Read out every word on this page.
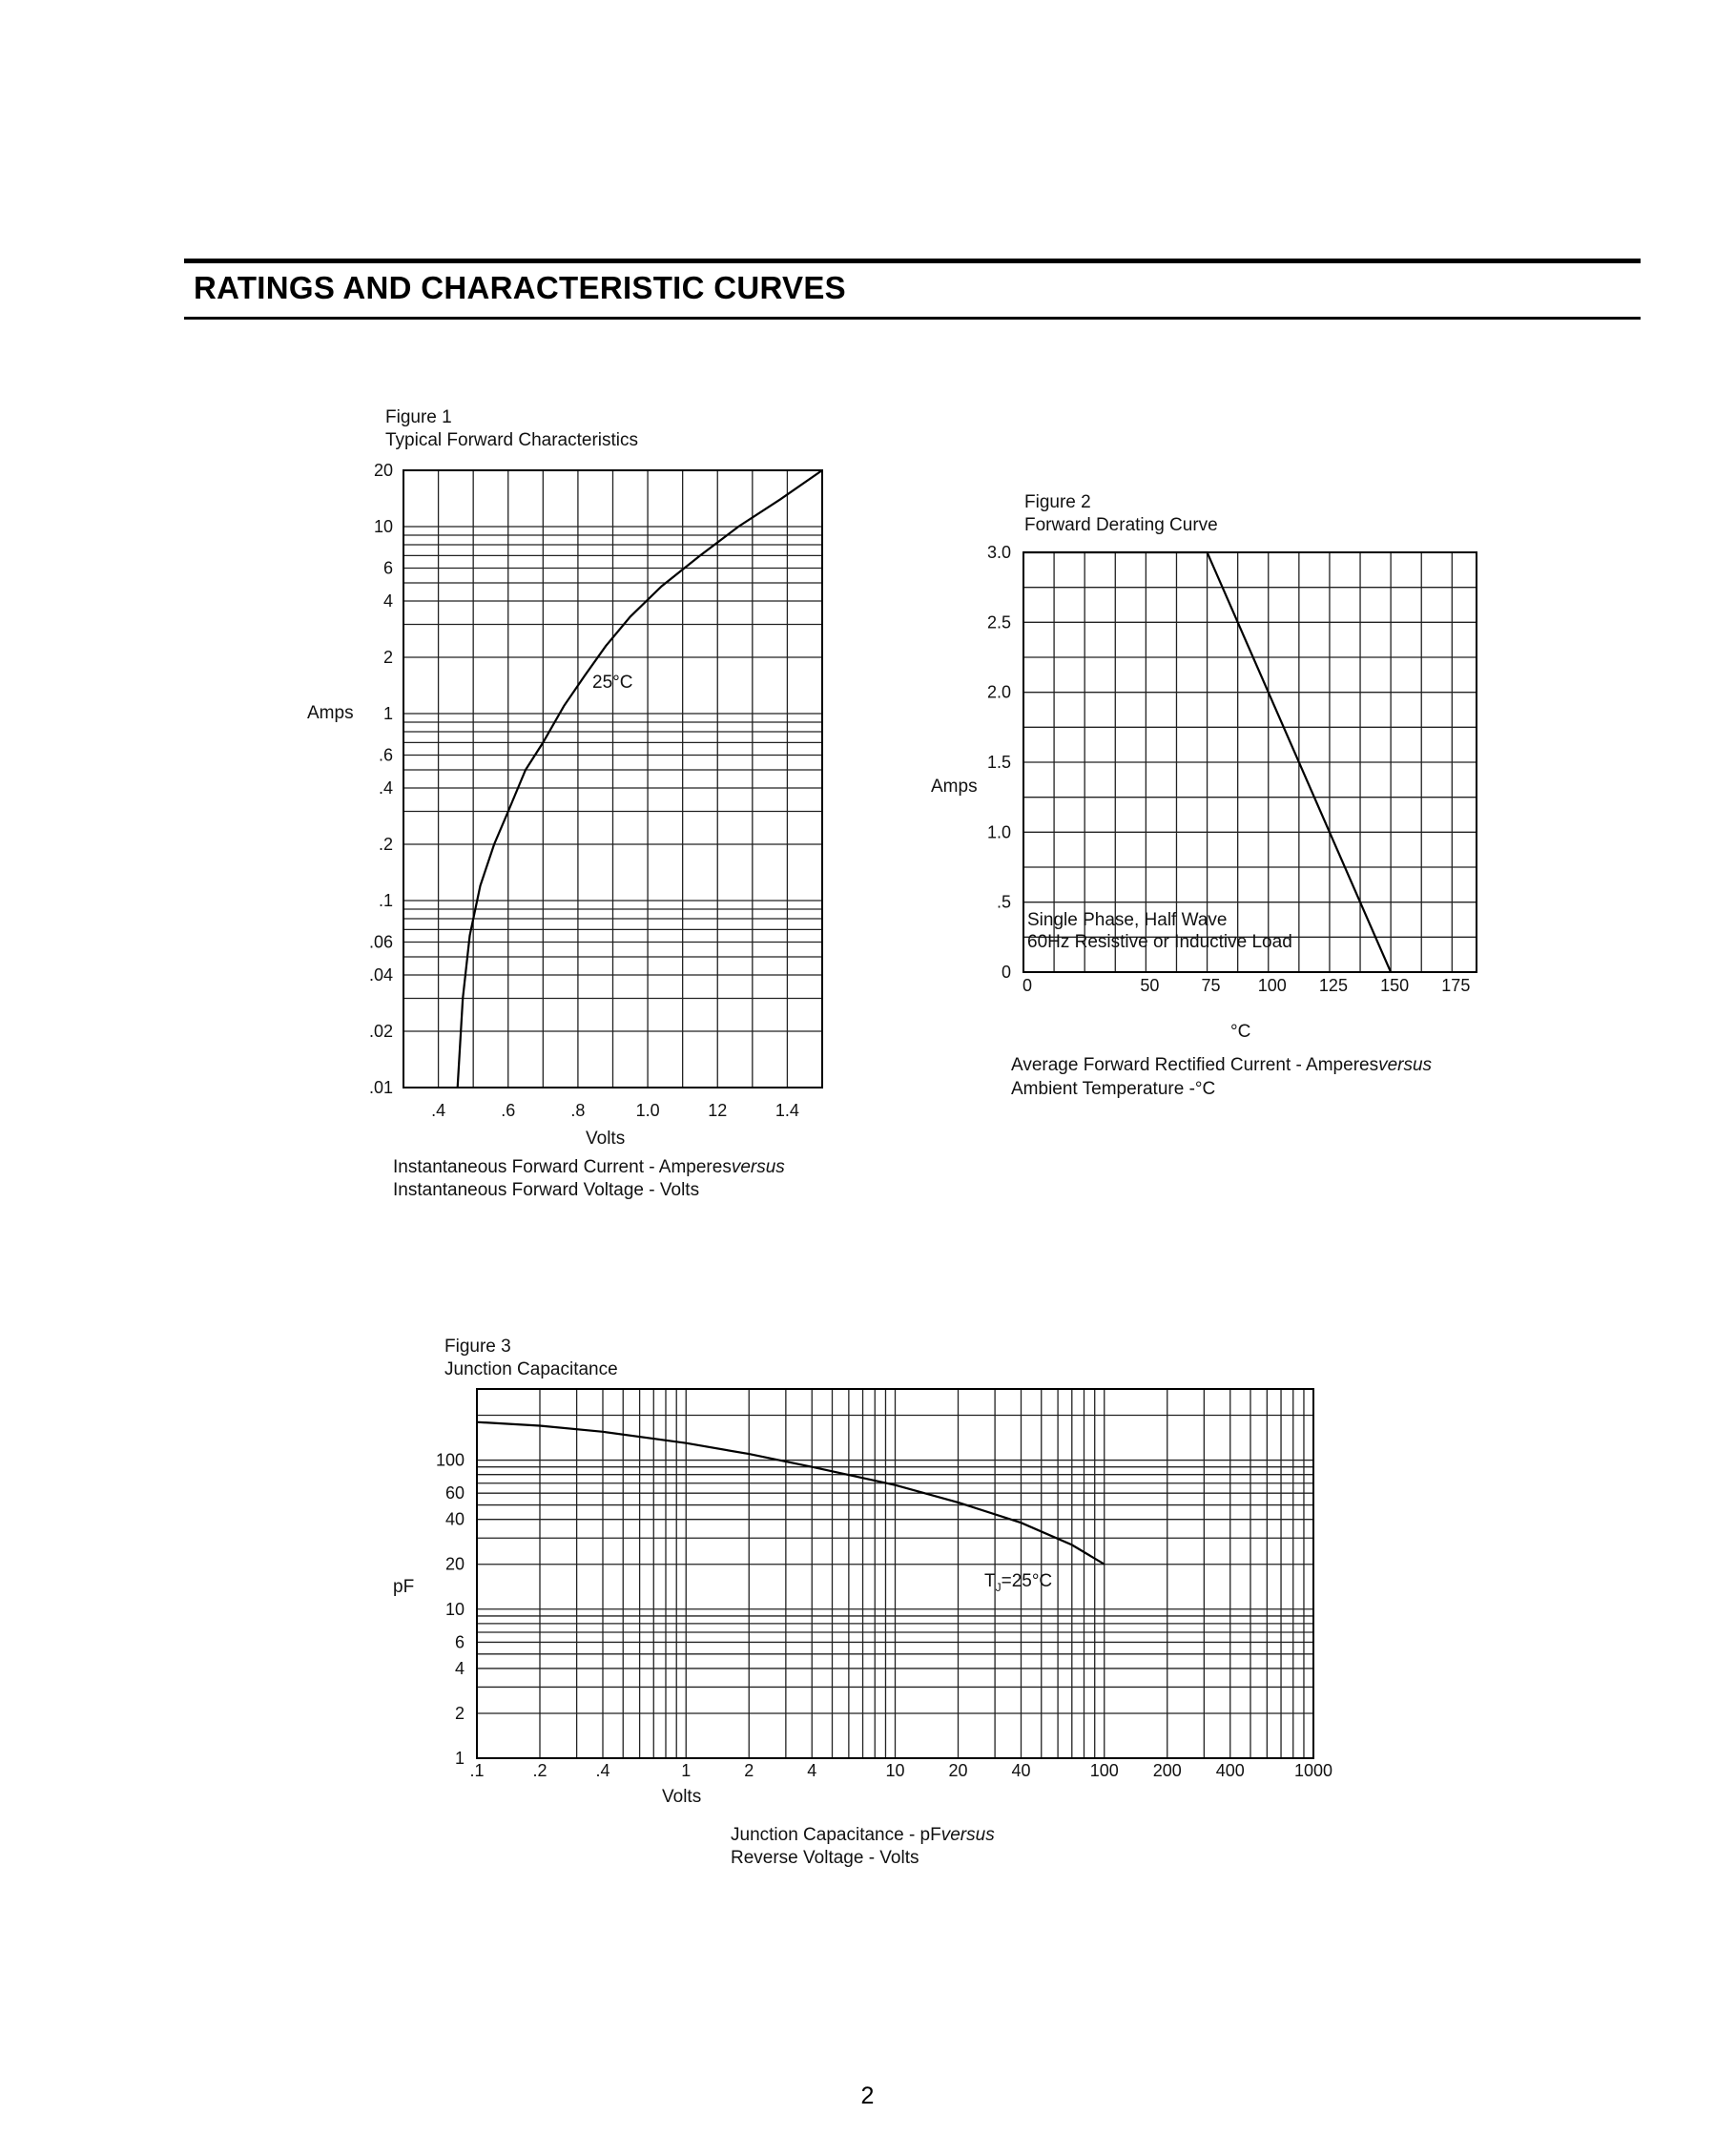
RATINGS AND CHARACTERISTIC CURVES
Figure 1
Typical Forward Characteristics
.4	.6	.8	1.0	12	1.4
20
10
6
4
2
1
.6
.4
.2
.1
.06
.04
.02
.01
25°C
Amps
Volts
Instantaneous Forward Current - Amperesversus
Instantaneous Forward Voltage - Volts
Figure 2
Forward Derating Curve
0	50 75 100 125 150 175
3.0
2.5
2.0
1.5
1.0
.5
0
Single Phase, Half Wave
60Hz Resistive or Inductive Load
Amps
°C
Average Forward Rectified Current - Amperesversus
Ambient Temperature -°C
Figure 3
Junction Capacitance
.1	.2	.4	1	2	4	10	20	40	100 200 400	1000
100
60
40
20
10
6
4
2
1
$T_J=25^\circ C$
pF
Volts
Junction Capacitance - pFversus
Reverse Voltage - Volts
2
